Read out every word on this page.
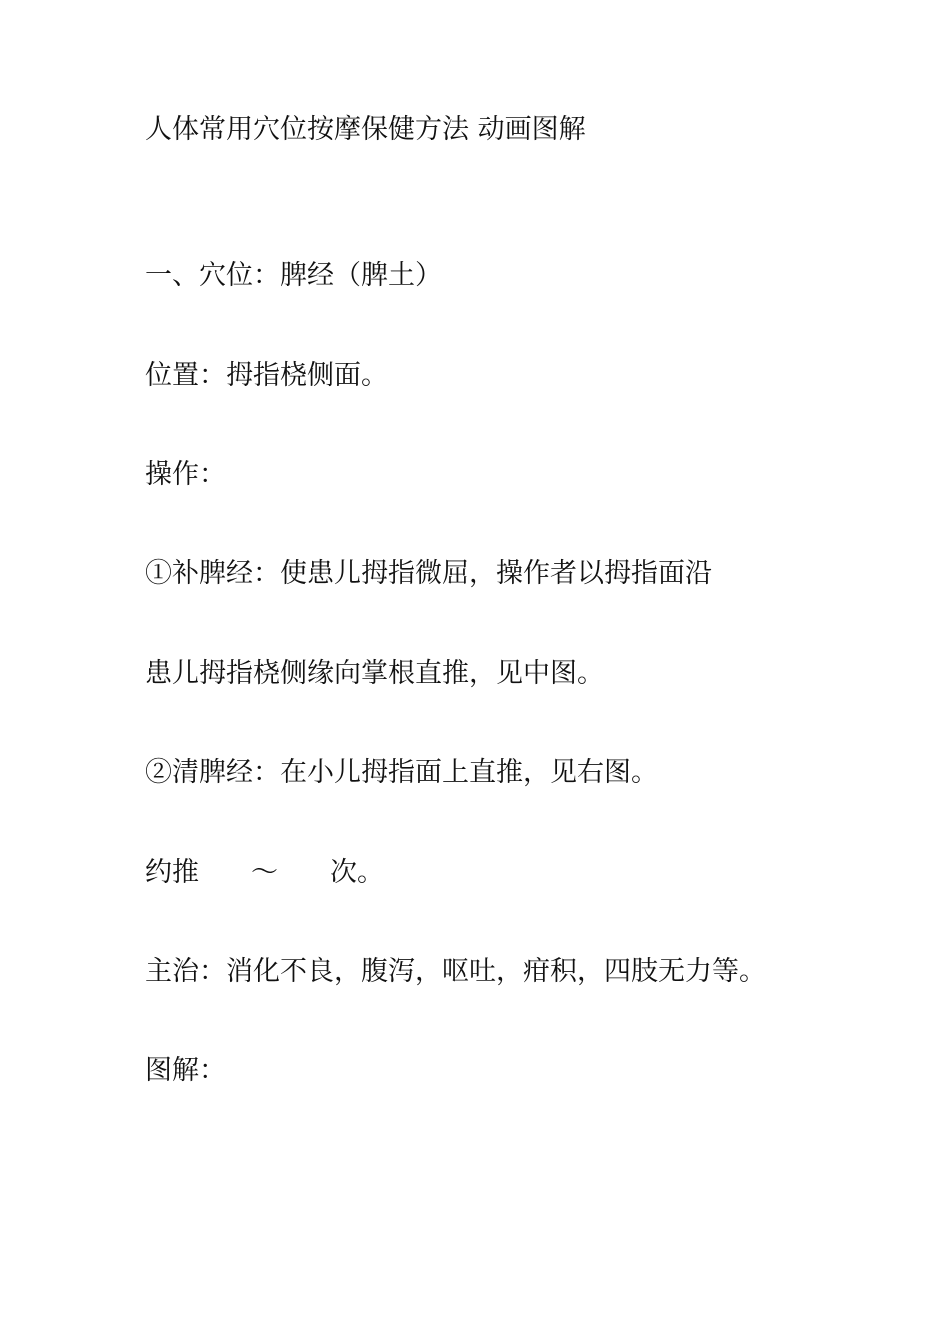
人体常用穴位按摩保健方法 动画图解

一、穴位：脾经（脾土）

位置：拇指桡侧面。

操作：

①补脾经：使患儿拇指微屈，操作者以拇指面沿

患儿拇指桡侧缘向掌根直推，见中图。

②清脾经：在小儿拇指面上直推，见右图。

约推 ～ 次。

主治：消化不良，腹泻，呕吐，疳积，四肢无力等。

图解：
